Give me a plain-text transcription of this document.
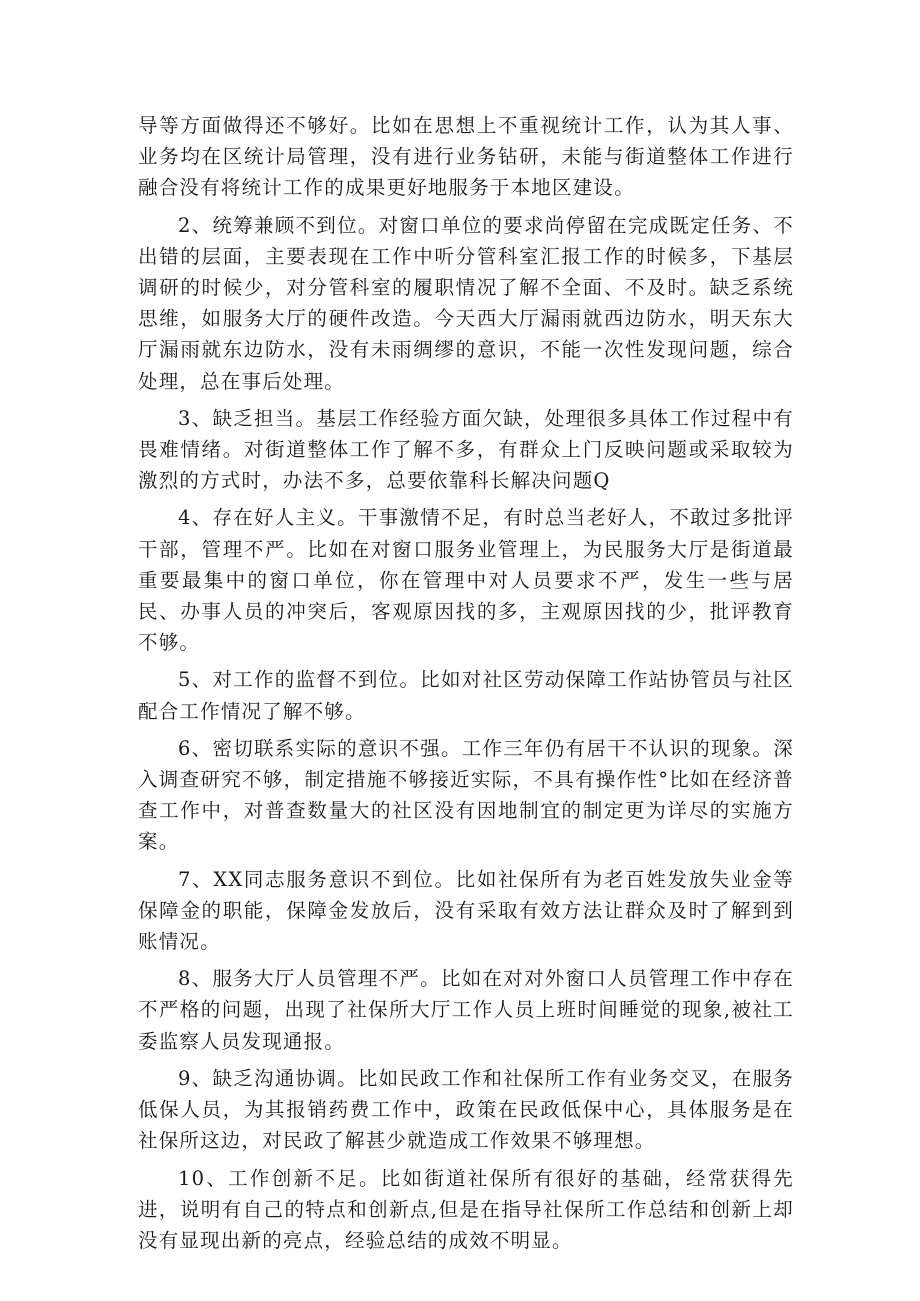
导等方面做得还不够好。比如在思想上不重视统计工作，认为其人事、业务均在区统计局管理，没有进行业务钻研，未能与街道整体工作进行融合没有将统计工作的成果更好地服务于本地区建设。

2、统筹兼顾不到位。对窗口单位的要求尚停留在完成既定任务、不出错的层面，主要表现在工作中听分管科室汇报工作的时候多，下基层调研的时候少，对分管科室的履职情况了解不全面、不及时。缺乏系统思维，如服务大厅的硬件改造。今天西大厅漏雨就西边防水，明天东大厅漏雨就东边防水，没有未雨绸缪的意识，不能一次性发现问题，综合处理，总在事后处理。

3、缺乏担当。基层工作经验方面欠缺，处理很多具体工作过程中有畏难情绪。对街道整体工作了解不多，有群众上门反映问题或采取较为激烈的方式时，办法不多，总要依靠科长解决问题Q

4、存在好人主义。干事激情不足，有时总当老好人，不敢过多批评干部，管理不严。比如在对窗口服务业管理上，为民服务大厅是街道最重要最集中的窗口单位，你在管理中对人员要求不严，发生一些与居民、办事人员的冲突后，客观原因找的多，主观原因找的少，批评教育不够。

5、对工作的监督不到位。比如对社区劳动保障工作站协管员与社区配合工作情况了解不够。

6、密切联系实际的意识不强。工作三年仍有居干不认识的现象。深入调查研究不够，制定措施不够接近实际，不具有操作性°比如在经济普查工作中，对普查数量大的社区没有因地制宜的制定更为详尽的实施方案。

7、XX同志服务意识不到位。比如社保所有为老百姓发放失业金等保障金的职能，保障金发放后，没有采取有效方法让群众及时了解到到账情况。

8、服务大厅人员管理不严。比如在对对外窗口人员管理工作中存在不严格的问题，出现了社保所大厅工作人员上班时间睡觉的现象,被社工委监察人员发现通报。

9、缺乏沟通协调。比如民政工作和社保所工作有业务交叉，在服务低保人员，为其报销药费工作中，政策在民政低保中心，具体服务是在社保所这边，对民政了解甚少就造成工作效果不够理想。

10、工作创新不足。比如街道社保所有很好的基础，经常获得先进，说明有自己的特点和创新点,但是在指导社保所工作总结和创新上却没有显现出新的亮点，经验总结的成效不明显。
